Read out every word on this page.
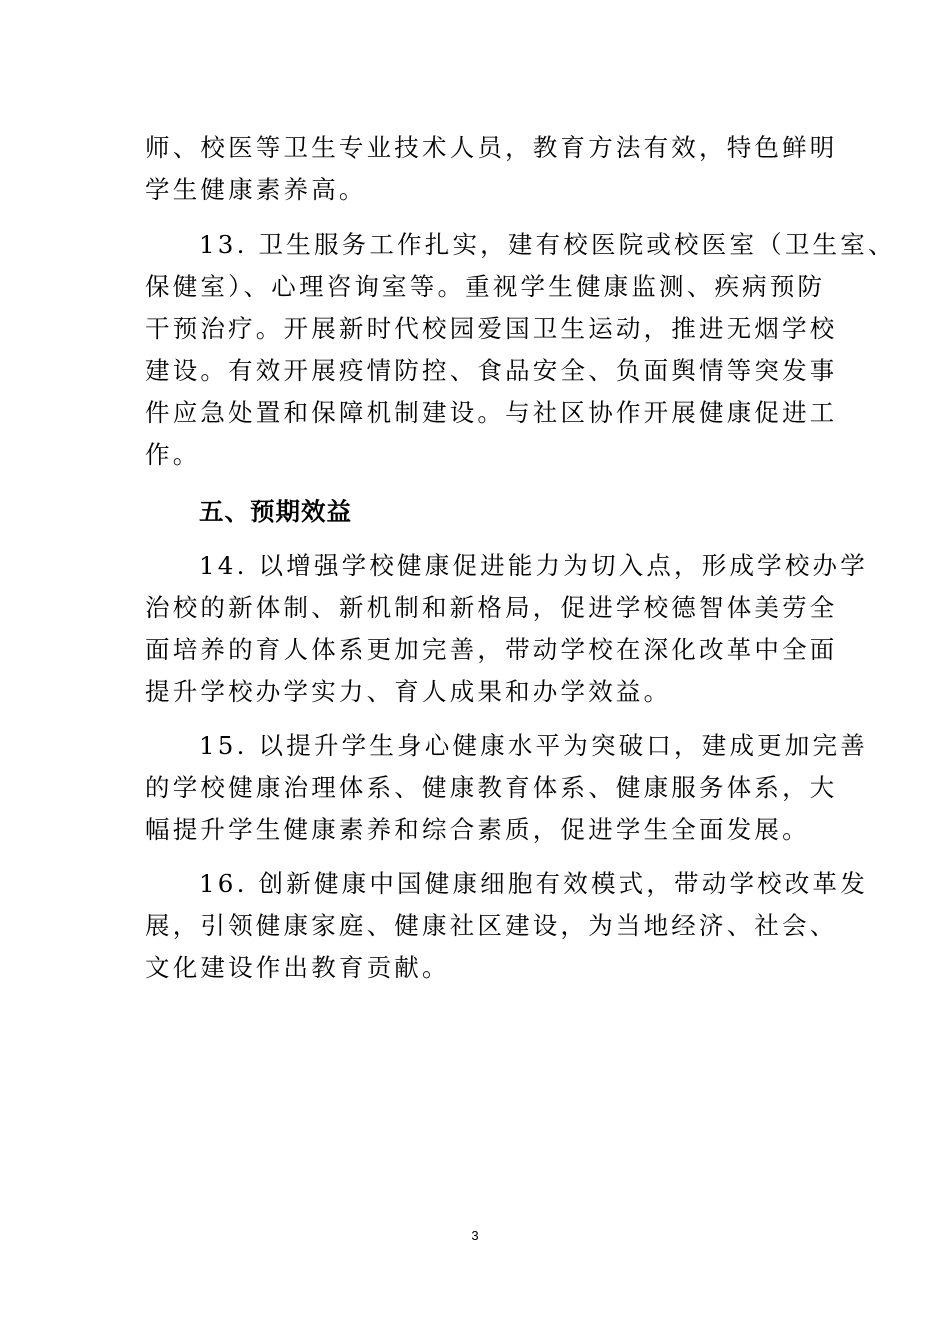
师、校医等卫生专业技术人员，教育方法有效，特色鲜明
学生健康素养高。
13. 卫生服务工作扎实，建有校医院或校医室（卫生室、
保健室）、心理咨询室等。重视学生健康监测、疾病预防
干预治疗。开展新时代校园爱国卫生运动，推进无烟学校
建设。有效开展疫情防控、食品安全、负面舆情等突发事
件应急处置和保障机制建设。与社区协作开展健康促进工
作。
五、预期效益
14. 以增强学校健康促进能力为切入点，形成学校办学
治校的新体制、新机制和新格局，促进学校德智体美劳全
面培养的育人体系更加完善，带动学校在深化改革中全面
提升学校办学实力、育人成果和办学效益。
15. 以提升学生身心健康水平为突破口，建成更加完善
的学校健康治理体系、健康教育体系、健康服务体系，大
幅提升学生健康素养和综合素质，促进学生全面发展。
16. 创新健康中国健康细胞有效模式，带动学校改革发
展，引领健康家庭、健康社区建设，为当地经济、社会、
文化建设作出教育贡献。
3
